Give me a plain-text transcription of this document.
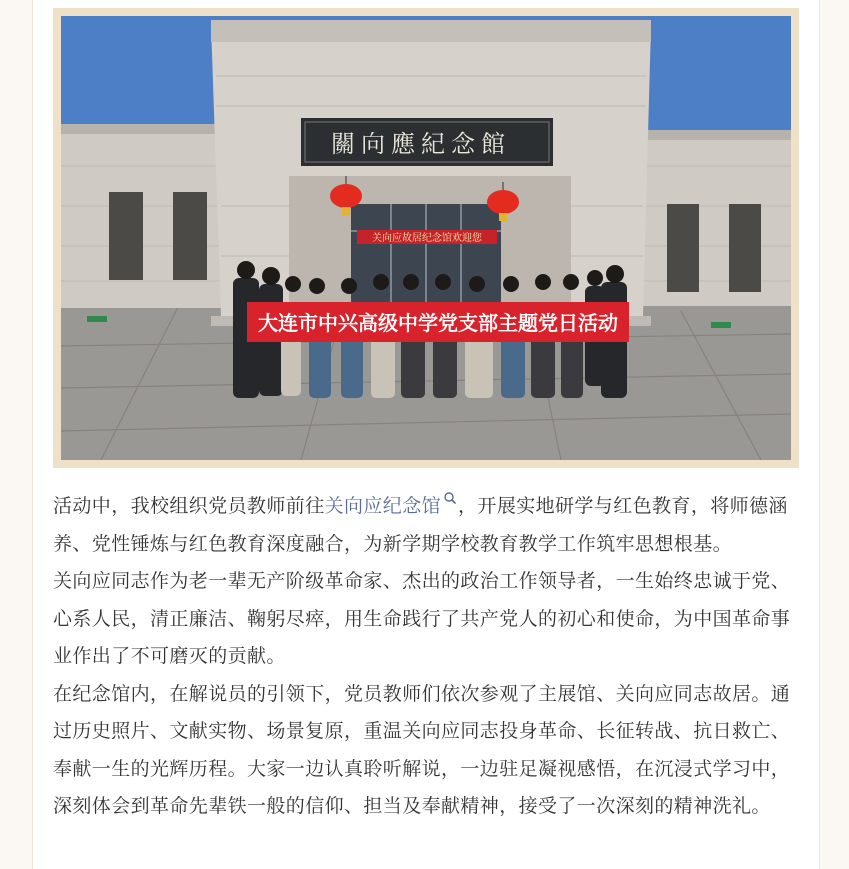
关向应故居纪念馆欢迎您
關向應紀念館
大连市中兴高级中学党支部主题党日活动

活动中，我校组织党员教师前往关向应纪念馆 ，开展实地研学与红色教育，将师德涵养、党性锤炼与红色教育深度融合，为新学期学校教育教学工作筑牢思想根基。

关向应同志作为老一辈无产阶级革命家、杰出的政治工作领导者，一生始终忠诚于党、心系人民，清正廉洁、鞠躬尽瘁，用生命践行了共产党人的初心和使命，为中国革命事业作出了不可磨灭的贡献。

在纪念馆内，在解说员的引领下，党员教师们依次参观了主展馆、关向应同志故居。通过历史照片、文献实物、场景复原，重温关向应同志投身革命、长征转战、抗日救亡、奉献一生的光辉历程。大家一边认真聆听解说，一边驻足凝视感悟，在沉浸式学习中，深刻体会到革命先辈铁一般的信仰、担当及奉献精神，接受了一次深刻的精神洗礼。
